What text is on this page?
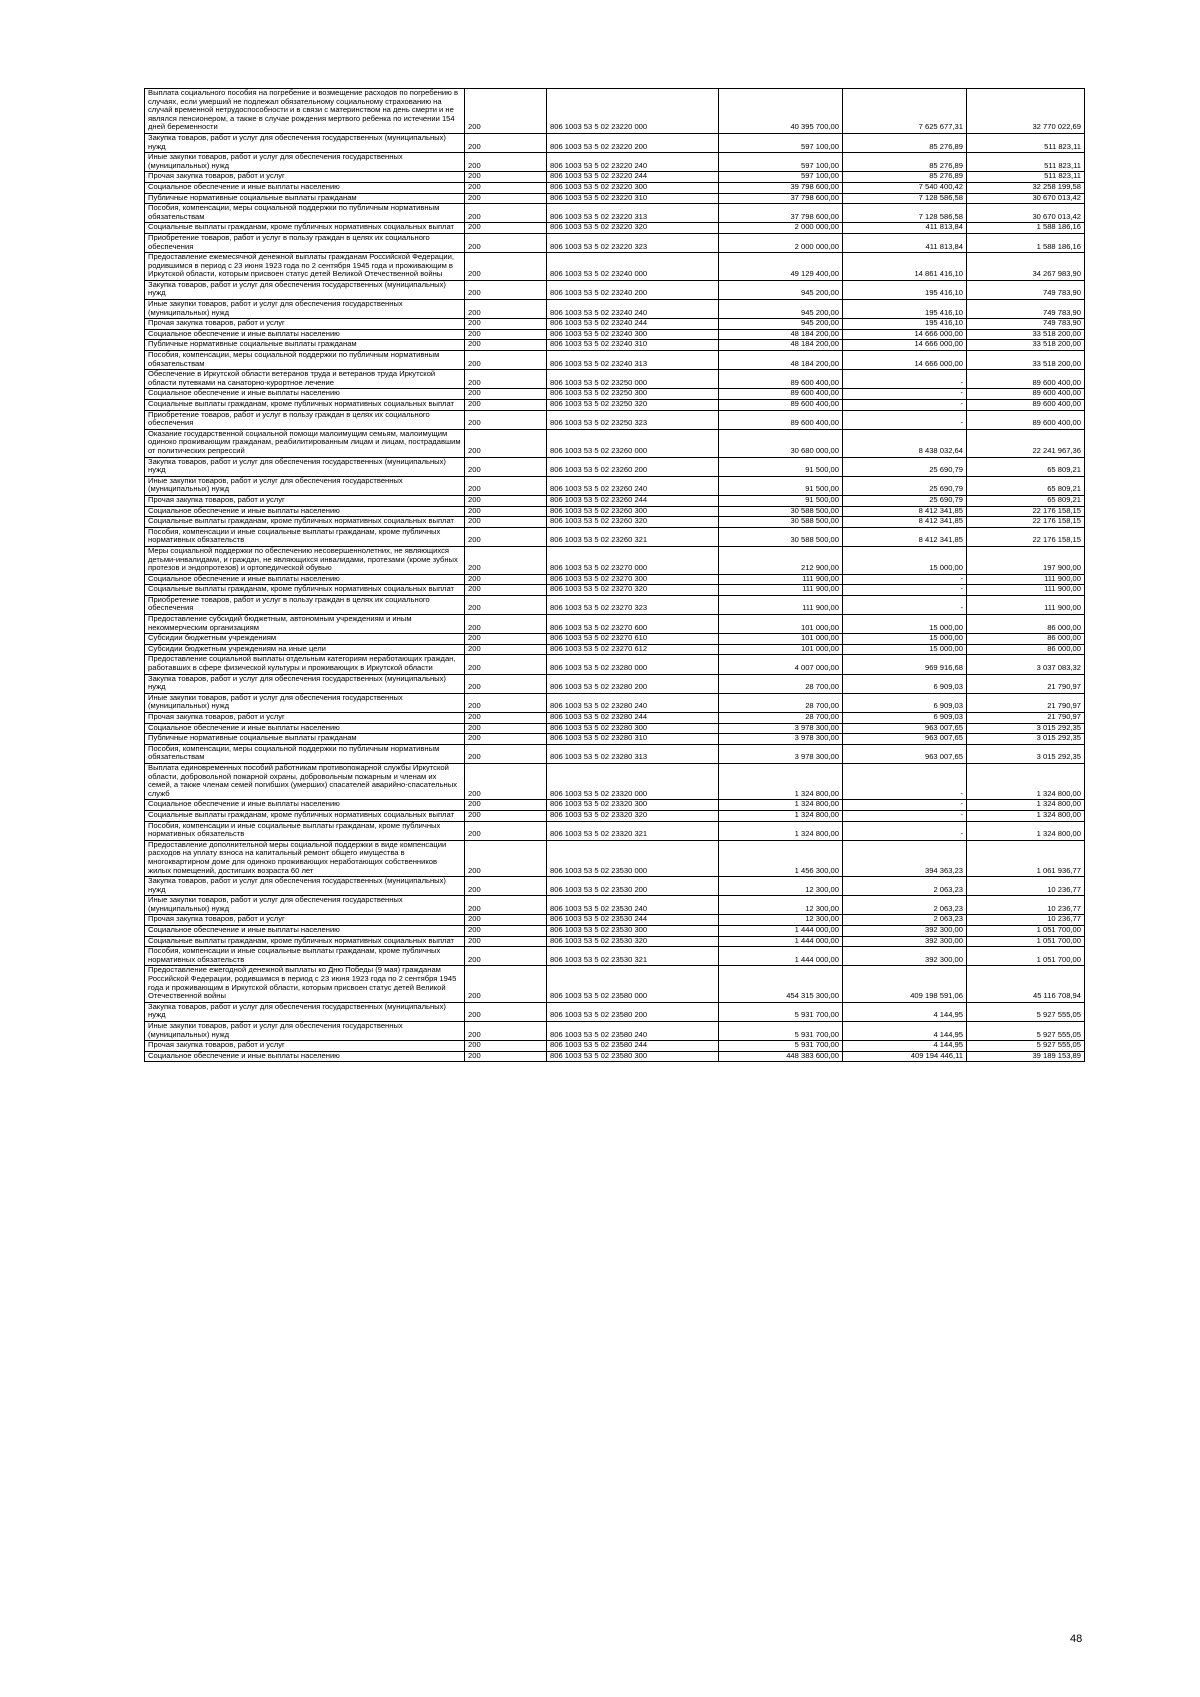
Выплата социального пособия на погребение и возмещение расходов по погребению в случаях, если умерший не подлежал обязательному социальному страхованию на случай временной нетрудоспособности и в связи с материнством на день смерти и не являлся пенсионером, а также в случае рождения мертвого ребенка по истечении 154 дней беременности	200	806 1003 53 5 02 23220 000	40 395 700,00	7 625 677,31	32 770 022,69
Закупка товаров, работ и услуг для обеспечения государственных (муниципальных) нужд	200	806 1003 53 5 02 23220 200	597 100,00	85 276,89	511 823,11
Иные закупки товаров, работ и услуг для обеспечения государственных (муниципальных) нужд	200	806 1003 53 5 02 23220 240	597 100,00	85 276,89	511 823,11
Прочая закупка товаров, работ и услуг	200	806 1003 53 5 02 23220 244	597 100,00	85 276,89	511 823,11
Социальное обеспечение и иные выплаты населению	200	806 1003 53 5 02 23220 300	39 798 600,00	7 540 400,42	32 258 199,58
Публичные нормативные социальные выплаты гражданам	200	806 1003 53 5 02 23220 310	37 798 600,00	7 128 586,58	30 670 013,42
Пособия, компенсации, меры социальной поддержки по публичным нормативным обязательствам	200	806 1003 53 5 02 23220 313	37 798 600,00	7 128 586,58	30 670 013,42
Социальные выплаты гражданам, кроме публичных нормативных социальных выплат	200	806 1003 53 5 02 23220 320	2 000 000,00	411 813,84	1 588 186,16
Приобретение товаров, работ и услуг в пользу граждан в целях их социального обеспечения	200	806 1003 53 5 02 23220 323	2 000 000,00	411 813,84	1 588 186,16
Предоставление ежемесячной денежной выплаты гражданам Российской Федерации, родившимся в период с 23 июня 1923 года по 2 сентября 1945 года и проживающим в Иркутской области, которым присвоен статус детей Великой Отечественной войны	200	806 1003 53 5 02 23240 000	49 129 400,00	14 861 416,10	34 267 983,90
Закупка товаров, работ и услуг для обеспечения государственных (муниципальных) нужд	200	806 1003 53 5 02 23240 200	945 200,00	195 416,10	749 783,90
Иные закупки товаров, работ и услуг для обеспечения государственных (муниципальных) нужд	200	806 1003 53 5 02 23240 240	945 200,00	195 416,10	749 783,90
Прочая закупка товаров, работ и услуг	200	806 1003 53 5 02 23240 244	945 200,00	195 416,10	749 783,90
Социальное обеспечение и иные выплаты населению	200	806 1003 53 5 02 23240 300	48 184 200,00	14 666 000,00	33 518 200,00
Публичные нормативные социальные выплаты гражданам	200	806 1003 53 5 02 23240 310	48 184 200,00	14 666 000,00	33 518 200,00
Пособия, компенсации, меры социальной поддержки по публичным нормативным обязательствам	200	806 1003 53 5 02 23240 313	48 184 200,00	14 666 000,00	33 518 200,00
Обеспечение в Иркутской области ветеранов труда и ветеранов труда Иркутской области путевками на санаторно-курортное лечение	200	806 1003 53 5 02 23250 000	89 600 400,00	-	89 600 400,00
Социальное обеспечение и иные выплаты населению	200	806 1003 53 5 02 23250 300	89 600 400,00	-	89 600 400,00
Социальные выплаты гражданам, кроме публичных нормативных социальных выплат	200	806 1003 53 5 02 23250 320	89 600 400,00	-	89 600 400,00
Приобретение товаров, работ и услуг в пользу граждан в целях их социального обеспечения	200	806 1003 53 5 02 23250 323	89 600 400,00	-	89 600 400,00
Оказание государственной социальной помощи малоимущим семьям, малоимущим одиноко проживающим гражданам, реабилитированным лицам и лицам, пострадавшим от политических репрессий	200	806 1003 53 5 02 23260 000	30 680 000,00	8 438 032,64	22 241 967,36
Закупка товаров, работ и услуг для обеспечения государственных (муниципальных) нужд	200	806 1003 53 5 02 23260 200	91 500,00	25 690,79	65 809,21
Иные закупки товаров, работ и услуг для обеспечения государственных (муниципальных) нужд	200	806 1003 53 5 02 23260 240	91 500,00	25 690,79	65 809,21
Прочая закупка товаров, работ и услуг	200	806 1003 53 5 02 23260 244	91 500,00	25 690,79	65 809,21
Социальное обеспечение и иные выплаты населению	200	806 1003 53 5 02 23260 300	30 588 500,00	8 412 341,85	22 176 158,15
Социальные выплаты гражданам, кроме публичных нормативных социальных выплат	200	806 1003 53 5 02 23260 320	30 588 500,00	8 412 341,85	22 176 158,15
Пособия, компенсации и иные социальные выплаты гражданам, кроме публичных нормативных обязательств	200	806 1003 53 5 02 23260 321	30 588 500,00	8 412 341,85	22 176 158,15
Меры социальной поддержки по обеспечению несовершеннолетних, не являющихся детьми-инвалидами, и граждан, не являющихся инвалидами, протезами (кроме зубных протезов и эндопротезов) и ортопедической обувью	200	806 1003 53 5 02 23270 000	212 900,00	15 000,00	197 900,00
Социальное обеспечение и иные выплаты населению	200	806 1003 53 5 02 23270 300	111 900,00	-	111 900,00
Социальные выплаты гражданам, кроме публичных нормативных социальных выплат	200	806 1003 53 5 02 23270 320	111 900,00	-	111 900,00
Приобретение товаров, работ и услуг в пользу граждан в целях их социального обеспечения	200	806 1003 53 5 02 23270 323	111 900,00	-	111 900,00
Предоставление субсидий бюджетным, автономным учреждениям и иным некоммерческим организациям	200	806 1003 53 5 02 23270 600	101 000,00	15 000,00	86 000,00
Субсидии бюджетным учреждениям	200	806 1003 53 5 02 23270 610	101 000,00	15 000,00	86 000,00
Субсидии бюджетным учреждениям на иные цели	200	806 1003 53 5 02 23270 612	101 000,00	15 000,00	86 000,00
Предоставление социальной выплаты отдельным категориям неработающих граждан, работавших в сфере физической культуры и проживающих в Иркутской области	200	806 1003 53 5 02 23280 000	4 007 000,00	969 916,68	3 037 083,32
Закупка товаров, работ и услуг для обеспечения государственных (муниципальных) нужд	200	806 1003 53 5 02 23280 200	28 700,00	6 909,03	21 790,97
Иные закупки товаров, работ и услуг для обеспечения государственных (муниципальных) нужд	200	806 1003 53 5 02 23280 240	28 700,00	6 909,03	21 790,97
Прочая закупка товаров, работ и услуг	200	806 1003 53 5 02 23280 244	28 700,00	6 909,03	21 790,97
Социальное обеспечение и иные выплаты населению	200	806 1003 53 5 02 23280 300	3 978 300,00	963 007,65	3 015 292,35
Публичные нормативные социальные выплаты гражданам	200	806 1003 53 5 02 23280 310	3 978 300,00	963 007,65	3 015 292,35
Пособия, компенсации, меры социальной поддержки по публичным нормативным обязательствам	200	806 1003 53 5 02 23280 313	3 978 300,00	963 007,65	3 015 292,35
Выплата единовременных пособий работникам противопожарной службы Иркутской области, добровольной пожарной охраны, добровольным пожарным и членам их семей, а также членам семей погибших (умерших) спасателей аварийно-спасательных служб	200	806 1003 53 5 02 23320 000	1 324 800,00	-	1 324 800,00
Социальное обеспечение и иные выплаты населению	200	806 1003 53 5 02 23320 300	1 324 800,00	-	1 324 800,00
Социальные выплаты гражданам, кроме публичных нормативных социальных выплат	200	806 1003 53 5 02 23320 320	1 324 800,00	-	1 324 800,00
Пособия, компенсации и иные социальные выплаты гражданам, кроме публичных нормативных обязательств	200	806 1003 53 5 02 23320 321	1 324 800,00	-	1 324 800,00
Предоставление дополнительной меры социальной поддержки в виде компенсации расходов на уплату взноса на капитальный ремонт общего имущества в многоквартирном доме для одиноко проживающих неработающих собственников жилых помещений, достигших возраста 60 лет	200	806 1003 53 5 02 23530 000	1 456 300,00	394 363,23	1 061 936,77
Закупка товаров, работ и услуг для обеспечения государственных (муниципальных) нужд	200	806 1003 53 5 02 23530 200	12 300,00	2 063,23	10 236,77
Иные закупки товаров, работ и услуг для обеспечения государственных (муниципальных) нужд	200	806 1003 53 5 02 23530 240	12 300,00	2 063,23	10 236,77
Прочая закупка товаров, работ и услуг	200	806 1003 53 5 02 23530 244	12 300,00	2 063,23	10 236,77
Социальное обеспечение и иные выплаты населению	200	806 1003 53 5 02 23530 300	1 444 000,00	392 300,00	1 051 700,00
Социальные выплаты гражданам, кроме публичных нормативных социальных выплат	200	806 1003 53 5 02 23530 320	1 444 000,00	392 300,00	1 051 700,00
Пособия, компенсации и иные социальные выплаты гражданам, кроме публичных нормативных обязательств	200	806 1003 53 5 02 23530 321	1 444 000,00	392 300,00	1 051 700,00
Предоставление ежегодной денежной выплаты ко Дню Победы (9 мая) гражданам Российской Федерации, родившимся в период с 23 июня 1923 года по 2 сентября 1945 года и проживающим в Иркутской области, которым присвоен статус детей Великой Отечественной войны	200	806 1003 53 5 02 23580 000	454 315 300,00	409 198 591,06	45 116 708,94
Закупка товаров, работ и услуг для обеспечения государственных (муниципальных) нужд	200	806 1003 53 5 02 23580 200	5 931 700,00	4 144,95	5 927 555,05
Иные закупки товаров, работ и услуг для обеспечения государственных (муниципальных) нужд	200	806 1003 53 5 02 23580 240	5 931 700,00	4 144,95	5 927 555,05
Прочая закупка товаров, работ и услуг	200	806 1003 53 5 02 23580 244	5 931 700,00	4 144,95	5 927 555,05
Социальное обеспечение и иные выплаты населению	200	806 1003 53 5 02 23580 300	448 383 600,00	409 194 446,11	39 189 153,89
48
